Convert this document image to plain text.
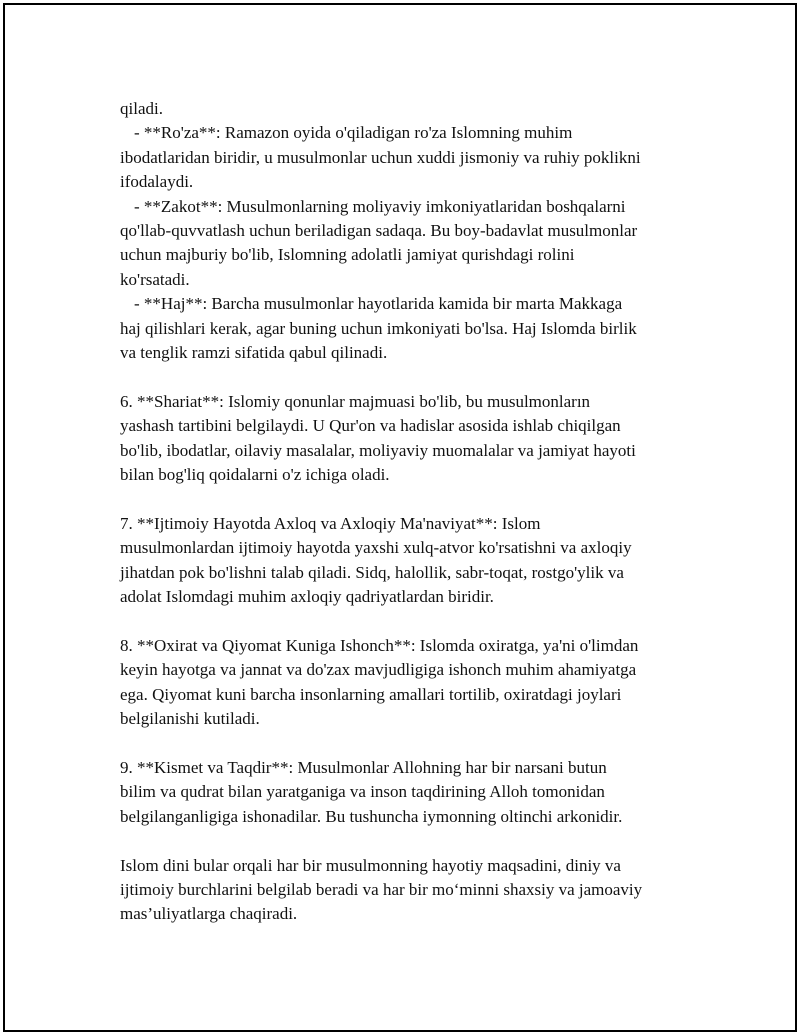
qiladi.
- **Ro'za**: Ramazon oyida o'qiladigan ro'za Islomning muhim
ibodatlaridan biridir, u musulmonlar uchun xuddi jismoniy va ruhiy poklikni
ifodalaydi.
- **Zakot**: Musulmonlarning moliyaviy imkoniyatlaridan boshqalarni
qo'llab-quvvatlash uchun beriladigan sadaqa. Bu boy-badavlat musulmonlar
uchun majburiy bo'lib, Islomning adolatli jamiyat qurishdagi rolini
ko'rsatadi.
- **Haj**: Barcha musulmonlar hayotlarida kamida bir marta Makkaga
haj qilishlari kerak, agar buning uchun imkoniyati bo'lsa. Haj Islomda birlik
va tenglik ramzi sifatida qabul qilinadi.
6. **Shariat**: Islomiy qonunlar majmuasi bo'lib, bu musulmonların
yashash tartibini belgilaydi. U Qur'on va hadislar asosida ishlab chiqilgan
bo'lib, ibodatlar, oilaviy masalalar, moliyaviy muomalalar va jamiyat hayoti
bilan bog'liq qoidalarni o'z ichiga oladi.
7. **Ijtimoiy Hayotda Axloq va Axloqiy Ma'naviyat**: Islom
musulmonlardan ijtimoiy hayotda yaxshi xulq-atvor ko'rsatishni va axloqiy
jihatdan pok bo'lishni talab qiladi. Sidq, halollik, sabr-toqat, rostgo'ylik va
adolat Islomdagi muhim axloqiy qadriyatlardan biridir.
8. **Oxirat va Qiyomat Kuniga Ishonch**: Islomda oxiratga, ya'ni o'limdan
keyin hayotga va jannat va do'zax mavjudligiga ishonch muhim ahamiyatga
ega. Qiyomat kuni barcha insonlarning amallari tortilib, oxiratdagi joylari
belgilanishi kutiladi.
9. **Kismet va Taqdir**: Musulmonlar Allohning har bir narsani butun
bilim va qudrat bilan yaratganiga va inson taqdirining Alloh tomonidan
belgilanganligiga ishonadilar. Bu tushuncha iymonning oltinchi arkonidir.
Islom dini bular orqali har bir musulmonning hayotiy maqsadini, diniy va
ijtimoiy burchlarini belgilab beradi va har bir mo‘minni shaxsiy va jamoaviy
mas’uliyatlarga chaqiradi.
